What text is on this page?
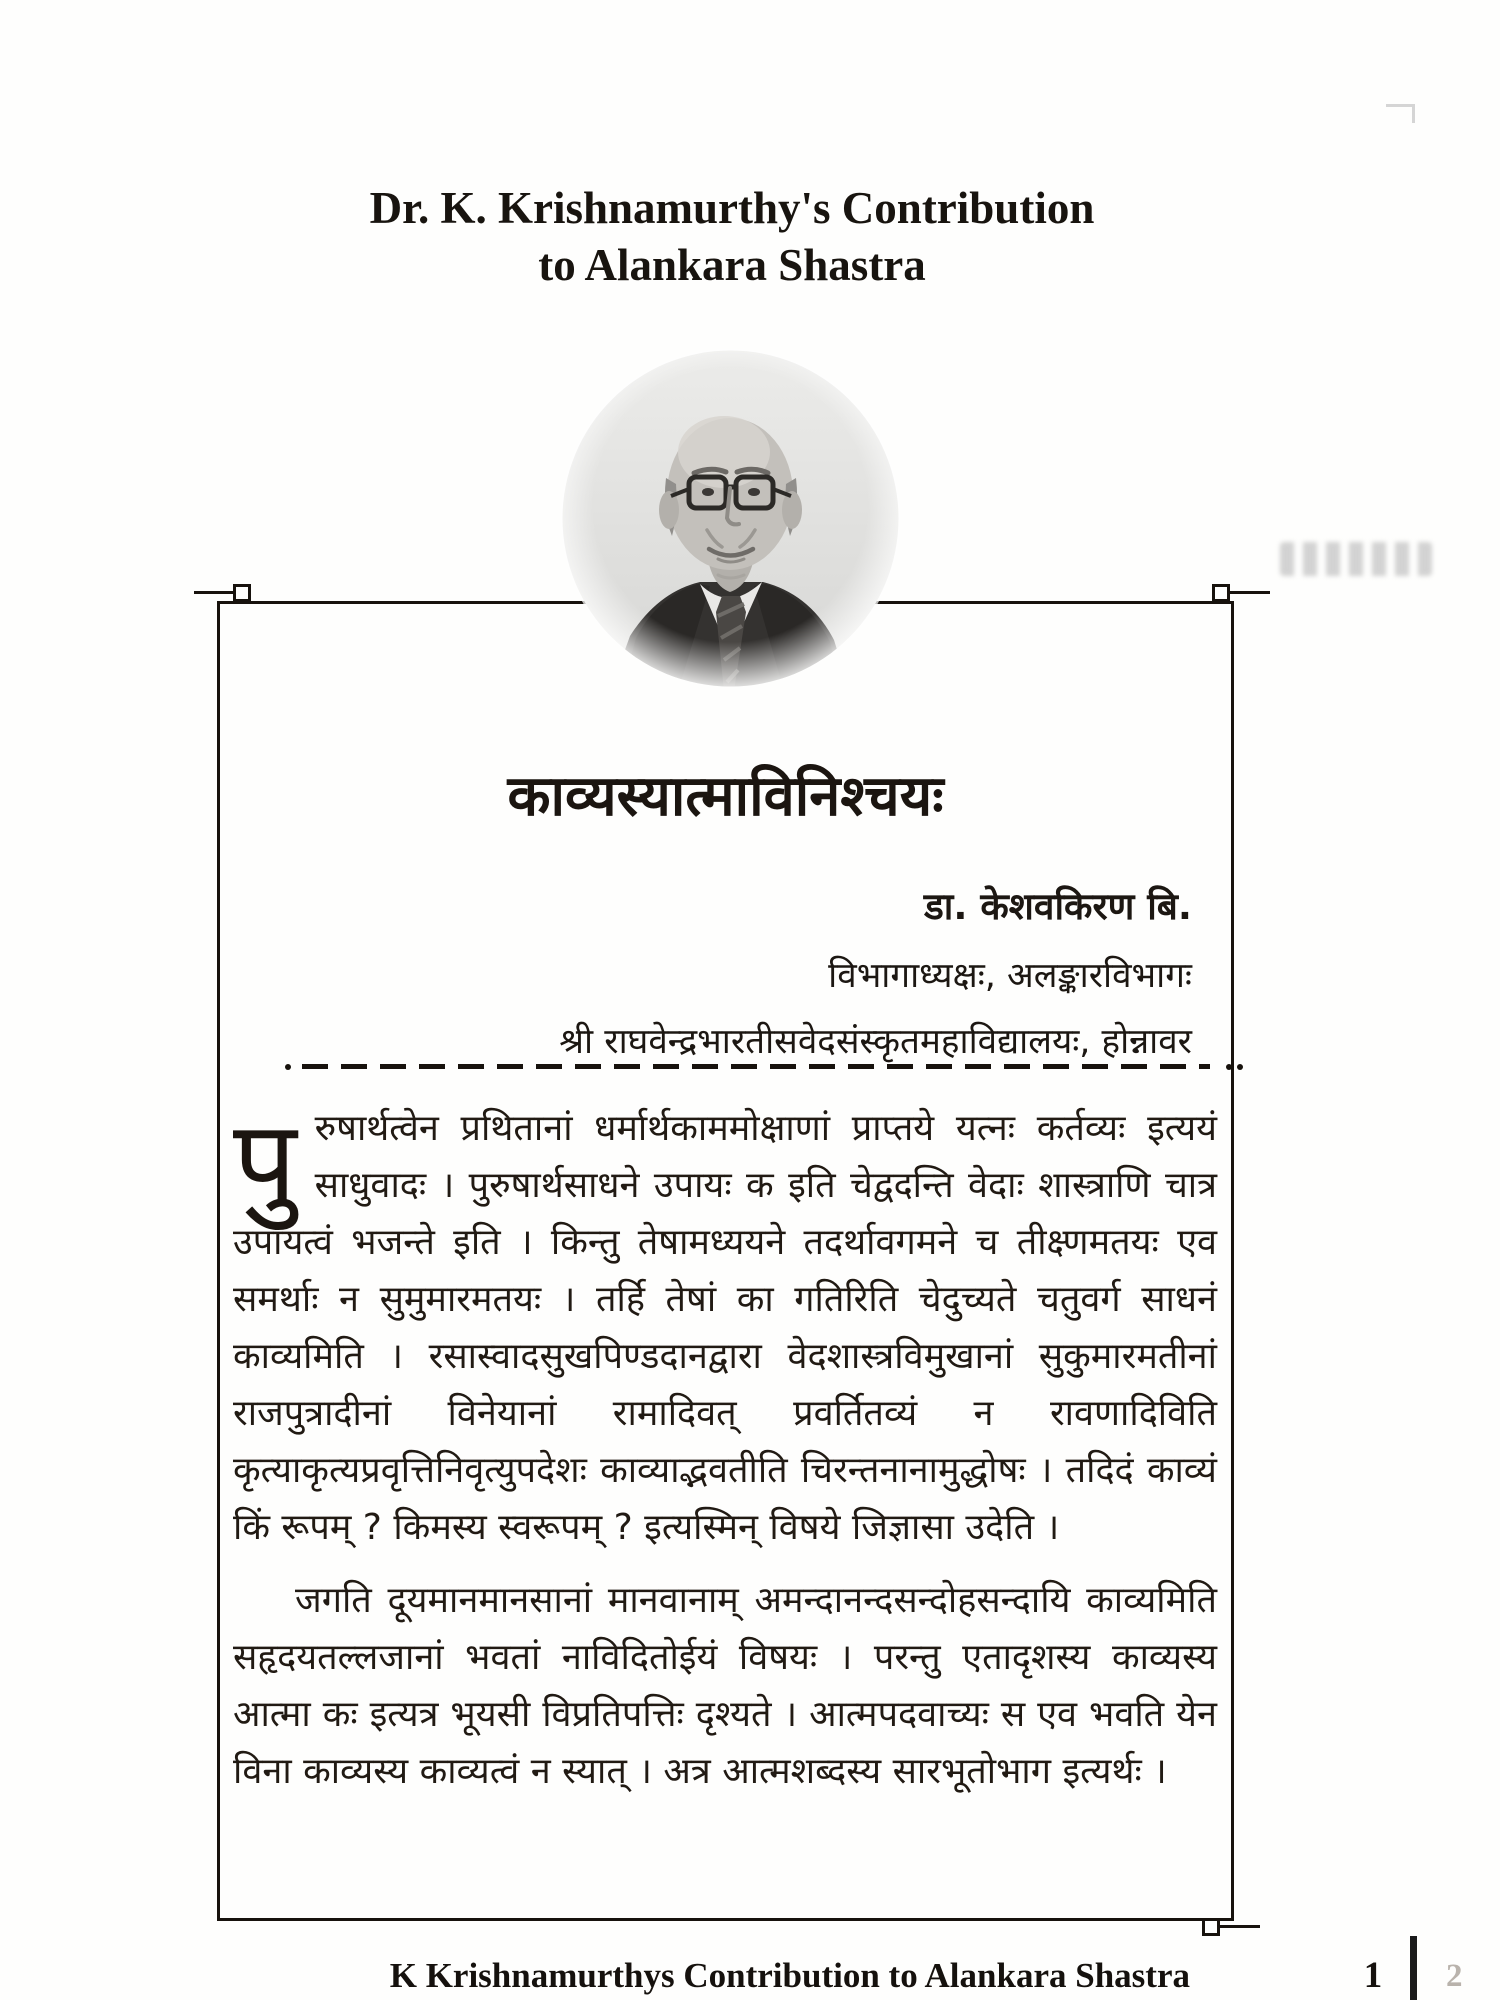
Dr. K. Krishnamurthy's Contribution
to Alankara Shastra
काव्यस्यात्माविनिश्चयः
डा. केशवकिरण बि.
विभागाध्यक्षः, अलङ्कारविभागः
श्री राघवेन्द्रभारतीसवेदसंस्कृतमहाविद्यालयः, होन्नावर

पुरुषार्थत्वेन प्रथितानां धर्मार्थकाममोक्षाणां प्राप्तये यत्नः कर्तव्यः इत्ययं साधुवादः । पुरुषार्थसाधने उपायः क इति चेद्वदन्ति वेदाः शास्त्राणि चात्र उपायत्वं भजन्ते इति । किन्तु तेषामध्ययने तदर्थावगमने च तीक्ष्णमतयः एव समर्थाः न सुमुमारमतयः । तर्हि तेषां का गतिरिति चेदुच्यते चतुवर्ग साधनं काव्यमिति । रसास्वादसुखपिण्डदानद्वारा वेदशास्त्रविमुखानां सुकुमारमतीनां राजपुत्रादीनां विनेयानां रामादिवत् प्रवर्तितव्यं न रावणादिविति कृत्याकृत्यप्रवृत्तिनिवृत्युपदेशः काव्याद्भवतीति चिरन्तनानामुद्धोषः । तदिदं काव्यं किं रूपम् ? किमस्य स्वरूपम् ? इत्यस्मिन् विषये जिज्ञासा उदेति ।

जगति दूयमानमानसानां मानवानाम् अमन्दानन्दसन्दोहसन्दायि काव्यमिति सहृदयतल्लजानां भवतां नाविदितोईयं विषयः । परन्तु एतादृशस्य काव्यस्य आत्मा कः इत्यत्र भूयसी विप्रतिपत्तिः दृश्यते । आत्मपदवाच्यः स एव भवति येन विना काव्यस्य काव्यत्वं न स्यात् । अत्र आत्मशब्दस्य सारभूतोभाग इत्यर्थः ।

K Krishnamurthys Contribution to Alankara Shastra	1	2
